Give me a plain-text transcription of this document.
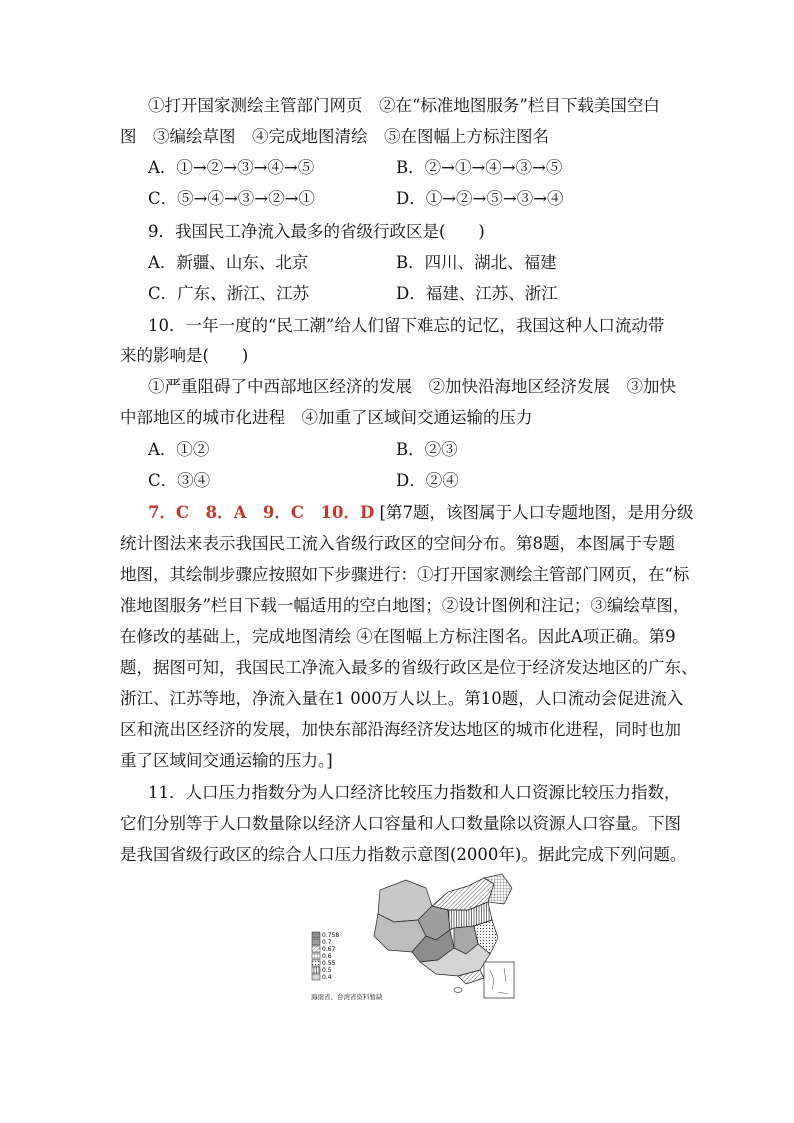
①打开国家测绘主管部门网页　②在“标准地图服务”栏目下载美国空白
图　③编绘草图　④完成地图清绘　⑤在图幅上方标注图名
A．①→②→③→④→⑤	B．②→①→④→③→⑤
C．⑤→④→③→②→①	D．①→②→⑤→③→④
9．我国民工净流入最多的省级行政区是(　　)
A．新疆、山东、北京	B．四川、湖北、福建
C．广东、浙江、江苏	D．福建、江苏、浙江
10．一年一度的“民工潮”给人们留下难忘的记忆，我国这种人口流动带
来的影响是(　　)
①严重阻碍了中西部地区经济的发展　②加快沿海地区经济发展　③加快
中部地区的城市化进程　④加重了区域间交通运输的压力
A．①②	B．②③
C．③④	D．②④
7．C　8．A　9．C　10．D [第7题，该图属于人口专题地图，是用分级
统计图法来表示我国民工流入省级行政区的空间分布。第8题，本图属于专题
地图，其绘制步骤应按照如下步骤进行：①打开国家测绘主管部门网页，在“标
准地图服务”栏目下载一幅适用的空白地图；②设计图例和注记；③编绘草图，
在修改的基础上，完成地图清绘 ④在图幅上方标注图名。因此A项正确。第9
题，据图可知，我国民工净流入最多的省级行政区是位于经济发达地区的广东、
浙江、江苏等地，净流入量在1 000万人以上。第10题，人口流动会促进流入
区和流出区经济的发展，加快东部沿海经济发达地区的城市化进程，同时也加
重了区域间交通运输的压力。]
11．人口压力指数分为人口经济比较压力指数和人口资源比较压力指数，
它们分别等于人口数量除以经济人口容量和人口数量除以资源人口容量。下图
是我国省级行政区的综合人口压力指数示意图(2000年)。据此完成下列问题。
0.758
0.7
0.67
0.6
0.55
0.5
0.4
海南省、台湾省资料暂缺
